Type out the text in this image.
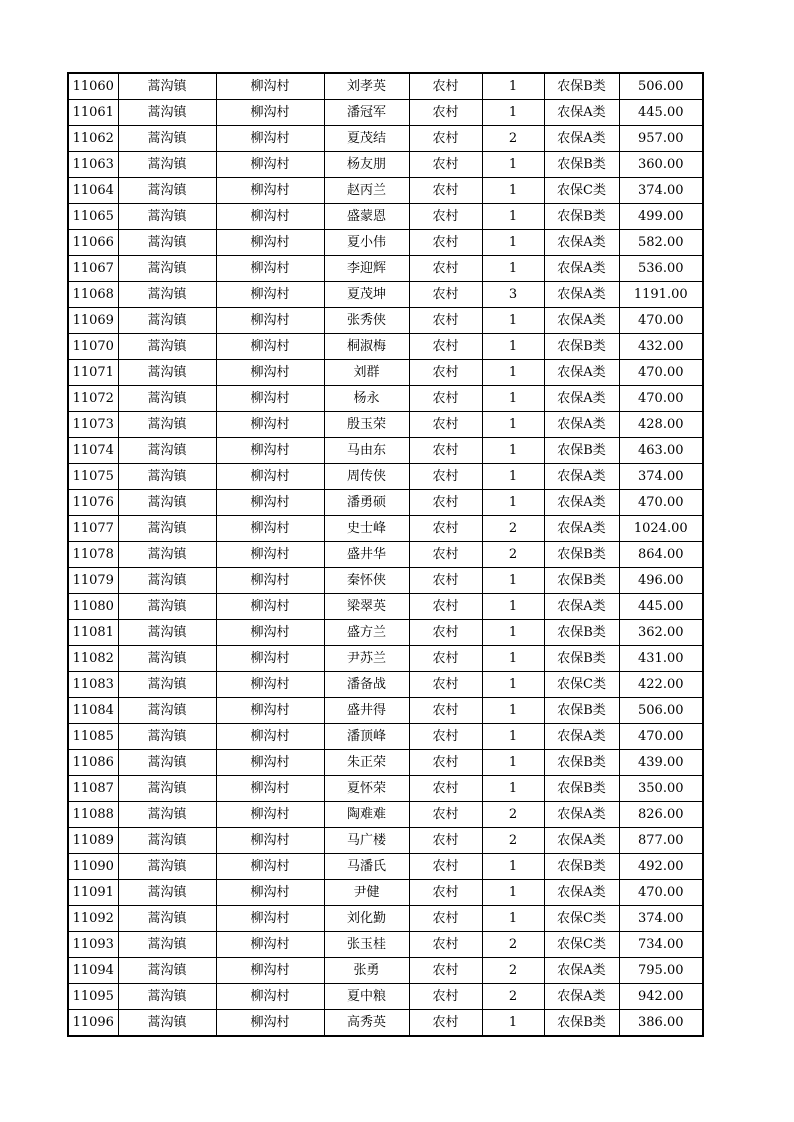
11060	蒿沟镇	柳沟村	刘孝英	农村	1	农保B类	506.00
11061	蒿沟镇	柳沟村	潘冠军	农村	1	农保A类	445.00
11062	蒿沟镇	柳沟村	夏茂结	农村	2	农保A类	957.00
11063	蒿沟镇	柳沟村	杨友朋	农村	1	农保B类	360.00
11064	蒿沟镇	柳沟村	赵丙兰	农村	1	农保C类	374.00
11065	蒿沟镇	柳沟村	盛蒙恩	农村	1	农保B类	499.00
11066	蒿沟镇	柳沟村	夏小伟	农村	1	农保A类	582.00
11067	蒿沟镇	柳沟村	李迎辉	农村	1	农保A类	536.00
11068	蒿沟镇	柳沟村	夏茂坤	农村	3	农保A类	1191.00
11069	蒿沟镇	柳沟村	张秀侠	农村	1	农保A类	470.00
11070	蒿沟镇	柳沟村	桐淑梅	农村	1	农保B类	432.00
11071	蒿沟镇	柳沟村	刘群	农村	1	农保A类	470.00
11072	蒿沟镇	柳沟村	杨永	农村	1	农保A类	470.00
11073	蒿沟镇	柳沟村	殷玉荣	农村	1	农保A类	428.00
11074	蒿沟镇	柳沟村	马由东	农村	1	农保B类	463.00
11075	蒿沟镇	柳沟村	周传侠	农村	1	农保A类	374.00
11076	蒿沟镇	柳沟村	潘勇硕	农村	1	农保A类	470.00
11077	蒿沟镇	柳沟村	史士峰	农村	2	农保A类	1024.00
11078	蒿沟镇	柳沟村	盛井华	农村	2	农保B类	864.00
11079	蒿沟镇	柳沟村	秦怀侠	农村	1	农保B类	496.00
11080	蒿沟镇	柳沟村	梁翠英	农村	1	农保A类	445.00
11081	蒿沟镇	柳沟村	盛方兰	农村	1	农保B类	362.00
11082	蒿沟镇	柳沟村	尹苏兰	农村	1	农保B类	431.00
11083	蒿沟镇	柳沟村	潘备战	农村	1	农保C类	422.00
11084	蒿沟镇	柳沟村	盛井得	农村	1	农保B类	506.00
11085	蒿沟镇	柳沟村	潘顶峰	农村	1	农保A类	470.00
11086	蒿沟镇	柳沟村	朱正荣	农村	1	农保B类	439.00
11087	蒿沟镇	柳沟村	夏怀荣	农村	1	农保B类	350.00
11088	蒿沟镇	柳沟村	陶难难	农村	2	农保A类	826.00
11089	蒿沟镇	柳沟村	马广楼	农村	2	农保A类	877.00
11090	蒿沟镇	柳沟村	马潘氏	农村	1	农保B类	492.00
11091	蒿沟镇	柳沟村	尹健	农村	1	农保A类	470.00
11092	蒿沟镇	柳沟村	刘化勤	农村	1	农保C类	374.00
11093	蒿沟镇	柳沟村	张玉桂	农村	2	农保C类	734.00
11094	蒿沟镇	柳沟村	张勇	农村	2	农保A类	795.00
11095	蒿沟镇	柳沟村	夏中粮	农村	2	农保A类	942.00
11096	蒿沟镇	柳沟村	高秀英	农村	1	农保B类	386.00
